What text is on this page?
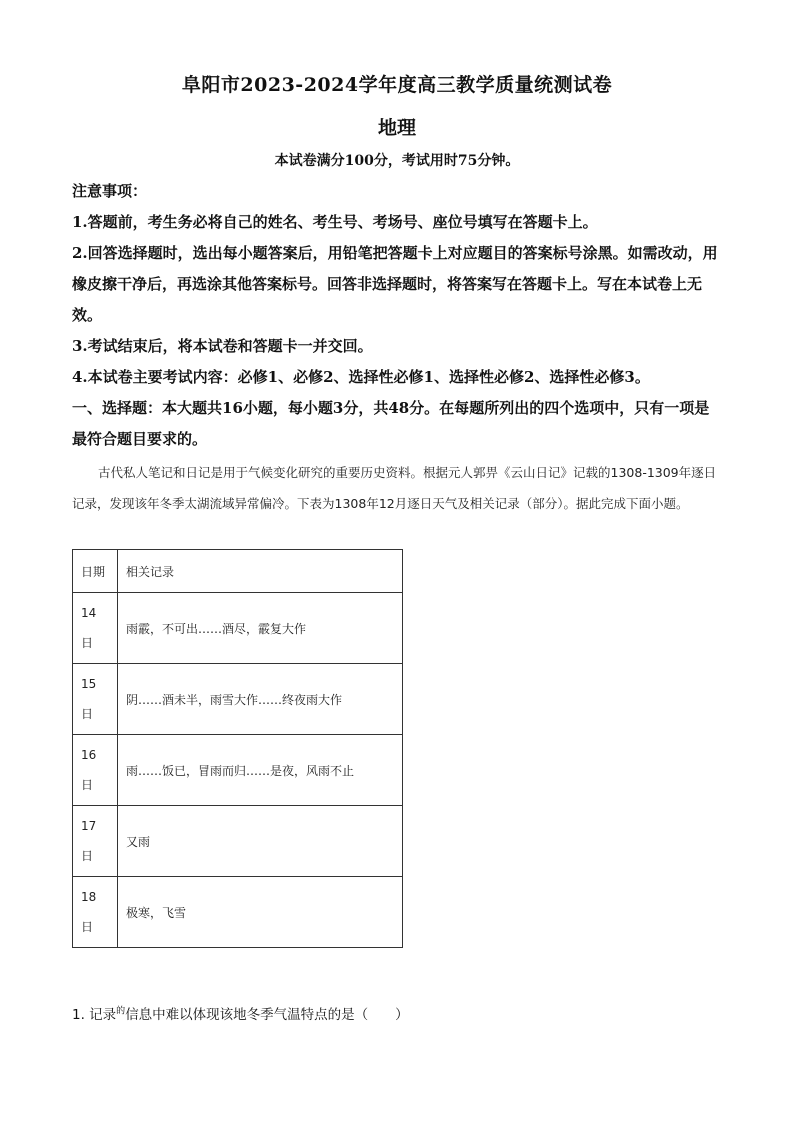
阜阳市2023-2024学年度高三教学质量统测试卷
地理
本试卷满分100分，考试用时75分钟。

注意事项：

1.答题前，考生务必将自己的姓名、考生号、考场号、座位号填写在答题卡上。

2.回答选择题时，选出每小题答案后，用铅笔把答题卡上对应题目的答案标号涂黑。如需改动，用橡皮擦干净后，再选涂其他答案标号。回答非选择题时，将答案写在答题卡上。写在本试卷上无效。

3.考试结束后，将本试卷和答题卡一并交回。

4.本试卷主要考试内容：必修1、必修2、选择性必修1、选择性必修2、选择性必修3。

一、选择题：本大题共16小题，每小题3分，共48分。在每题所列出的四个选项中，只有一项是最符合题目要求的。

古代私人笔记和日记是用于气候变化研究的重要历史资料。根据元人郭畀《云山日记》记载的1308-1309年逐日记录，发现该年冬季太湖流域异常偏冷。下表为1308年12月逐日天气及相关记录（部分）。据此完成下面小题。

日期	相关记录
14
日	雨霰，不可出……酒尽，霰复大作
15
日	阴……酒未半，雨雪大作……终夜雨大作
16
日	雨……饭已，冒雨而归……是夜，风雨不止
17
日	又雨
18
日	极寒，飞雪
1. 记录$^的$信息中难以体现该地冬季气温特点的是（　　）
